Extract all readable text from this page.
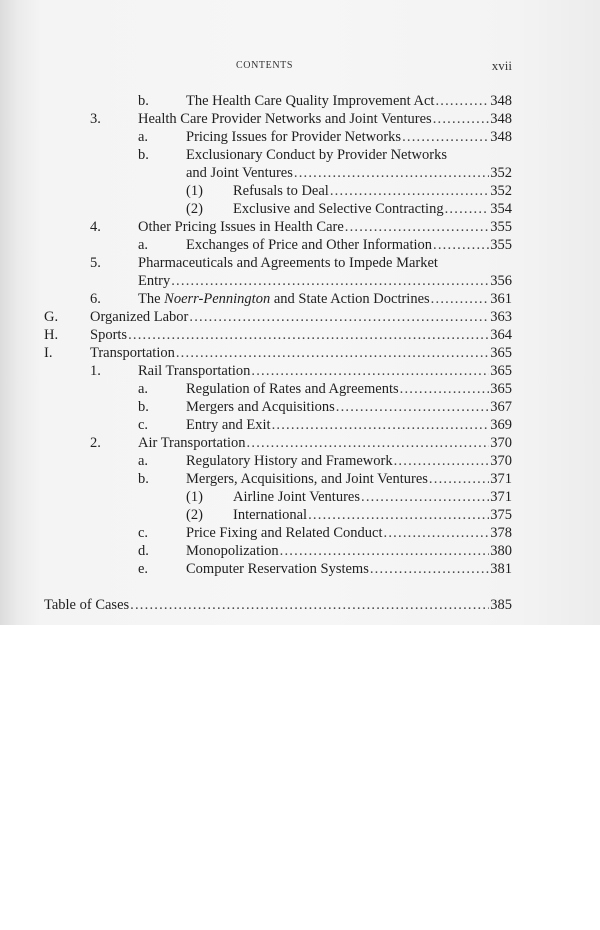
CONTENTS	xvii
b.	The Health Care Quality Improvement Act .....	348
3.	Health Care Provider Networks and Joint Ventures .....	348
a.	Pricing Issues for Provider Networks .....	348
b.	Exclusionary Conduct by Provider Networks
and Joint Ventures .....	352
(1) Refusals to Deal .....	352
(2) Exclusive and Selective Contracting .....	354
4.	Other Pricing Issues in Health Care .....	355
a.	Exchanges of Price and Other Information .....	355
5.	Pharmaceuticals and Agreements to Impede Market
Entry .....	356
6.	The Noerr-Pennington and State Action Doctrines .....	361
G. Organized Labor .....	363
H. Sports .....	364
I.	Transportation .....	365
1.	Rail Transportation .....	365
a.	Regulation of Rates and Agreements .....	365
b.	Mergers and Acquisitions .....	367
c.	Entry and Exit .....	369
2.	Air Transportation .....	370
a.	Regulatory History and Framework .....	370
b.	Mergers, Acquisitions, and Joint Ventures .....	371
(1) Airline Joint Ventures .....	371
(2) International .....	375
c.	Price Fixing and Related Conduct .....	378
d.	Monopolization .....	380
e.	Computer Reservation Systems .....	381
Table of Cases .....	385
